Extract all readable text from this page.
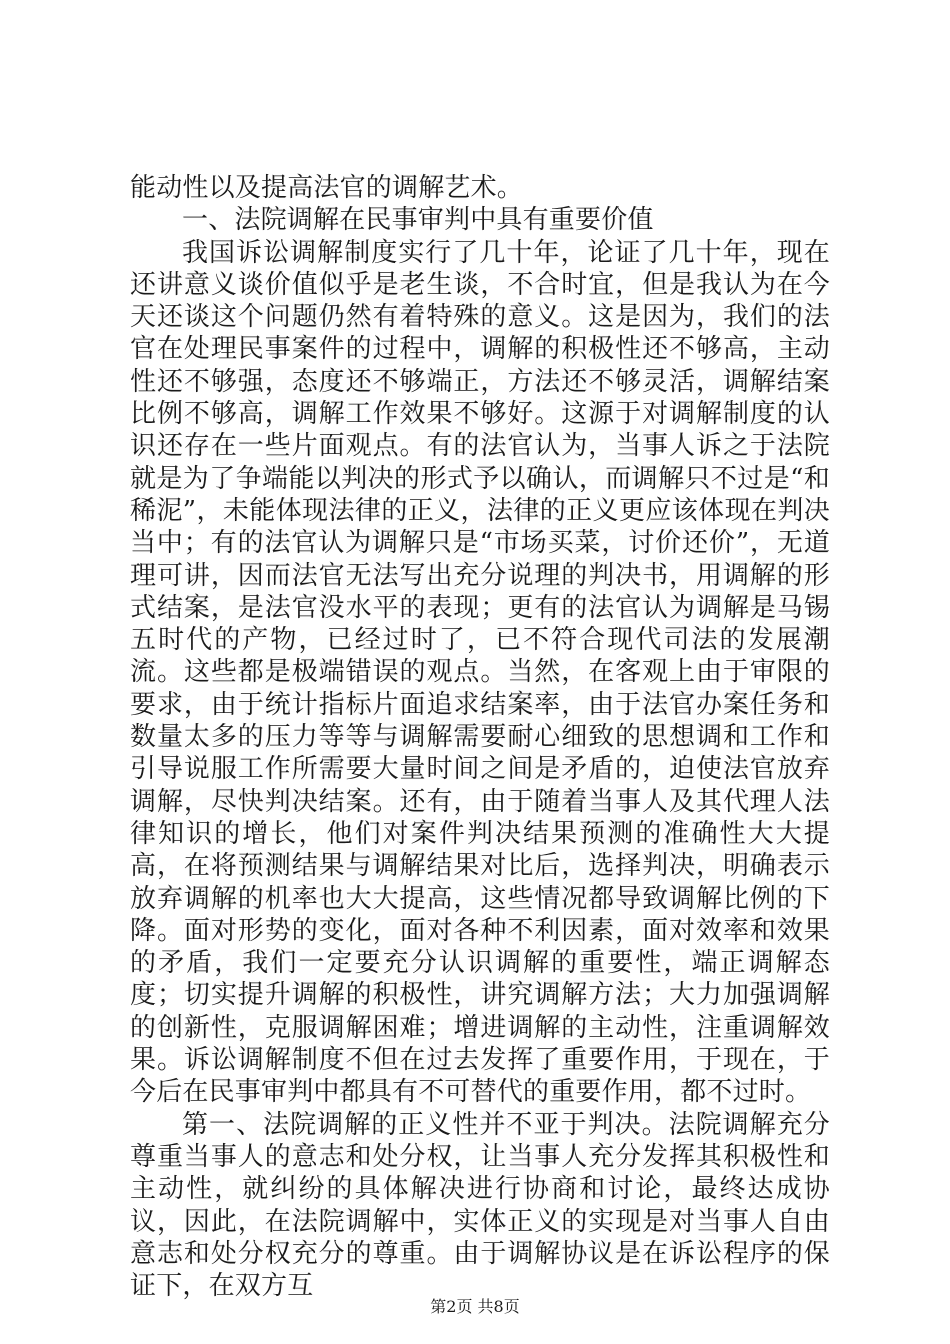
能动性以及提高法官的调解艺术。

一、法院调解在民事审判中具有重要价值

我国诉讼调解制度实行了几十年，论证了几十年，现在还讲意义谈价值似乎是老生谈，不合时宜，但是我认为在今天还谈这个问题仍然有着特殊的意义。这是因为，我们的法官在处理民事案件的过程中，调解的积极性还不够高，主动性还不够强，态度还不够端正，方法还不够灵活，调解结案比例不够高，调解工作效果不够好。这源于对调解制度的认识还存在一些片面观点。有的法官认为，当事人诉之于法院就是为了争端能以判决的形式予以确认，而调解只不过是“和稀泥”，未能体现法律的正义，法律的正义更应该体现在判决当中；有的法官认为调解只是“市场买菜，讨价还价”，无道理可讲，因而法官无法写出充分说理的判决书，用调解的形式结案，是法官没水平的表现；更有的法官认为调解是马锡五时代的产物，已经过时了，已不符合现代司法的发展潮流。这些都是极端错误的观点。当然，在客观上由于审限的要求，由于统计指标片面追求结案率，由于法官办案任务和数量太多的压力等等与调解需要耐心细致的思想调和工作和引导说服工作所需要大量时间之间是矛盾的，迫使法官放弃调解，尽快判决结案。还有，由于随着当事人及其代理人法律知识的增长，他们对案件判决结果预测的准确性大大提高，在将预测结果与调解结果对比后，选择判决，明确表示放弃调解的机率也大大提高，这些情况都导致调解比例的下降。面对形势的变化，面对各种不利因素，面对效率和效果的矛盾，我们一定要充分认识调解的重要性，端正调解态度；切实提升调解的积极性，讲究调解方法；大力加强调解的创新性，克服调解困难；增进调解的主动性，注重调解效果。诉讼调解制度不但在过去发挥了重要作用，于现在，于今后在民事审判中都具有不可替代的重要作用，都不过时。

第一、法院调解的正义性并不亚于判决。法院调解充分尊重当事人的意志和处分权，让当事人充分发挥其积极性和主动性，就纠纷的具体解决进行协商和讨论，最终达成协议，因此，在法院调解中，实体正义的实现是对当事人自由意志和处分权充分的尊重。由于调解协议是在诉讼程序的保证下，在双方互

第2页 共8页
